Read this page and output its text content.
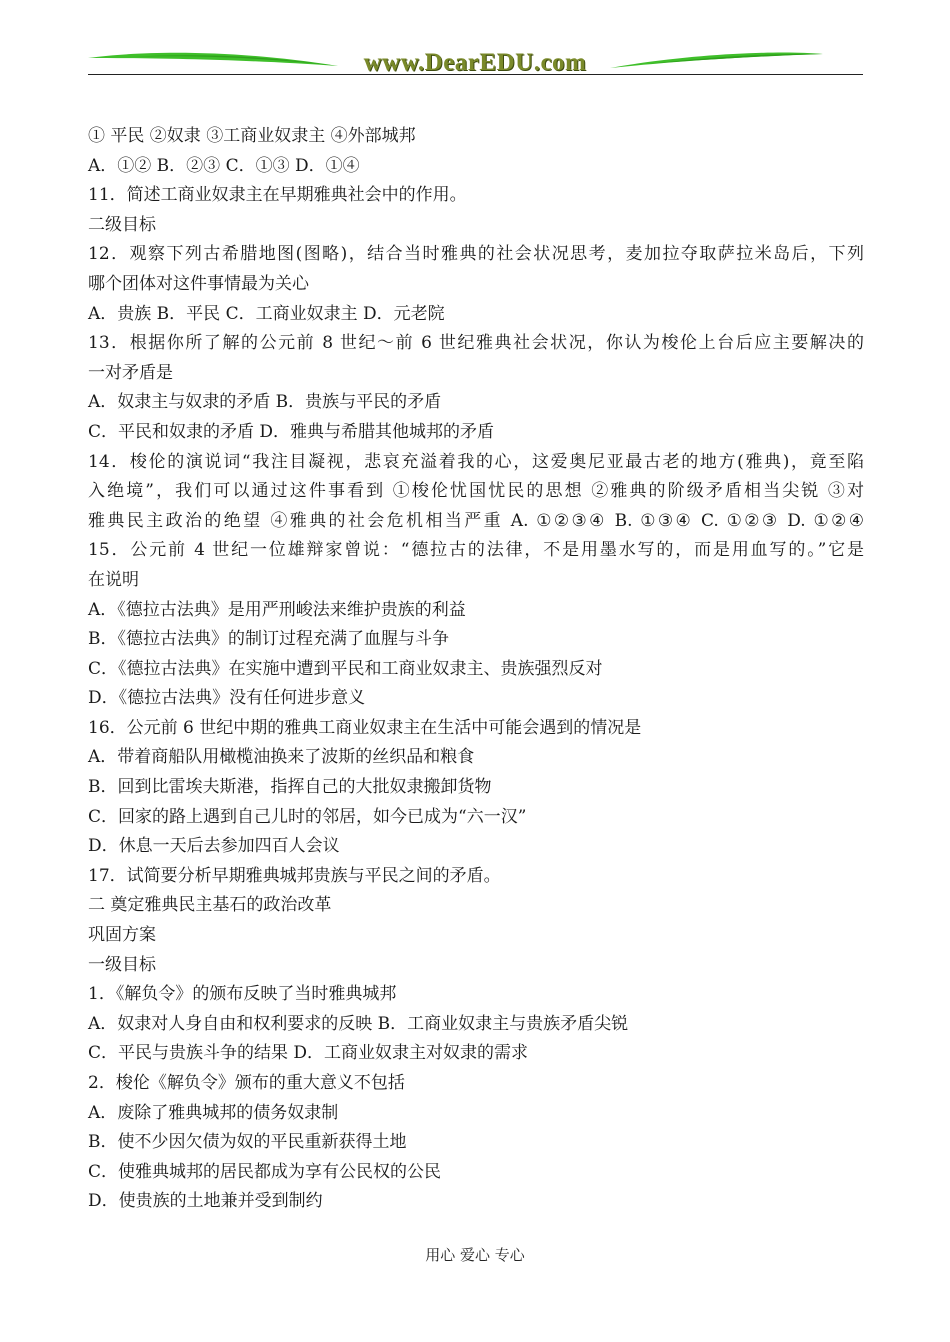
www.DearEDU.com
① 平民 ②奴隶 ③工商业奴隶主 ④外部城邦
A．①② B．②③ C．①③ D．①④
11．简述工商业奴隶主在早期雅典社会中的作用。
二级目标
12．观察下列古希腊地图(图略)，结合当时雅典的社会状况思考，麦加拉夺取萨拉米岛后，下列
哪个团体对这件事情最为关心
A．贵族 B．平民 C．工商业奴隶主 D．元老院
13．根据你所了解的公元前 8 世纪～前 6 世纪雅典社会状况，你认为梭伦上台后应主要解决的
一对矛盾是
A．奴隶主与奴隶的矛盾 B．贵族与平民的矛盾
C．平民和奴隶的矛盾 D．雅典与希腊其他城邦的矛盾
14．梭伦的演说词“我注目凝视，悲哀充溢着我的心，这爱奥尼亚最古老的地方(雅典)，竟至陷
入绝境”，我们可以通过这件事看到 ①梭伦忧国忧民的思想 ②雅典的阶级矛盾相当尖锐 ③对
雅典民主政治的绝望 ④雅典的社会危机相当严重 A. ①②③④ B. ①③④ C. ①②③ D. ①②④
15．公元前 4 世纪一位雄辩家曾说：“德拉古的法律，不是用墨水写的，而是用血写的。”它是
在说明
A．《德拉古法典》是用严刑峻法来维护贵族的利益
B．《德拉古法典》的制订过程充满了血腥与斗争
C．《德拉古法典》在实施中遭到平民和工商业奴隶主、贵族强烈反对
D．《德拉古法典》没有任何进步意义
16．公元前 6 世纪中期的雅典工商业奴隶主在生活中可能会遇到的情况是
A．带着商船队用橄榄油换来了波斯的丝织品和粮食
B．回到比雷埃夫斯港，指挥自己的大批奴隶搬卸货物
C．回家的路上遇到自己儿时的邻居，如今已成为“六一汉”
D．休息一天后去参加四百人会议
17．试简要分析早期雅典城邦贵族与平民之间的矛盾。
二 奠定雅典民主基石的政治改革
巩固方案
一级目标
1．《解负令》的颁布反映了当时雅典城邦
A．奴隶对人身自由和权利要求的反映 B．工商业奴隶主与贵族矛盾尖锐
C．平民与贵族斗争的结果 D．工商业奴隶主对奴隶的需求
2．梭伦《解负令》颁布的重大意义不包括
A．废除了雅典城邦的债务奴隶制
B．使不少因欠债为奴的平民重新获得土地
C．使雅典城邦的居民都成为享有公民权的公民
D．使贵族的土地兼并受到制约
用心 爱心 专心
